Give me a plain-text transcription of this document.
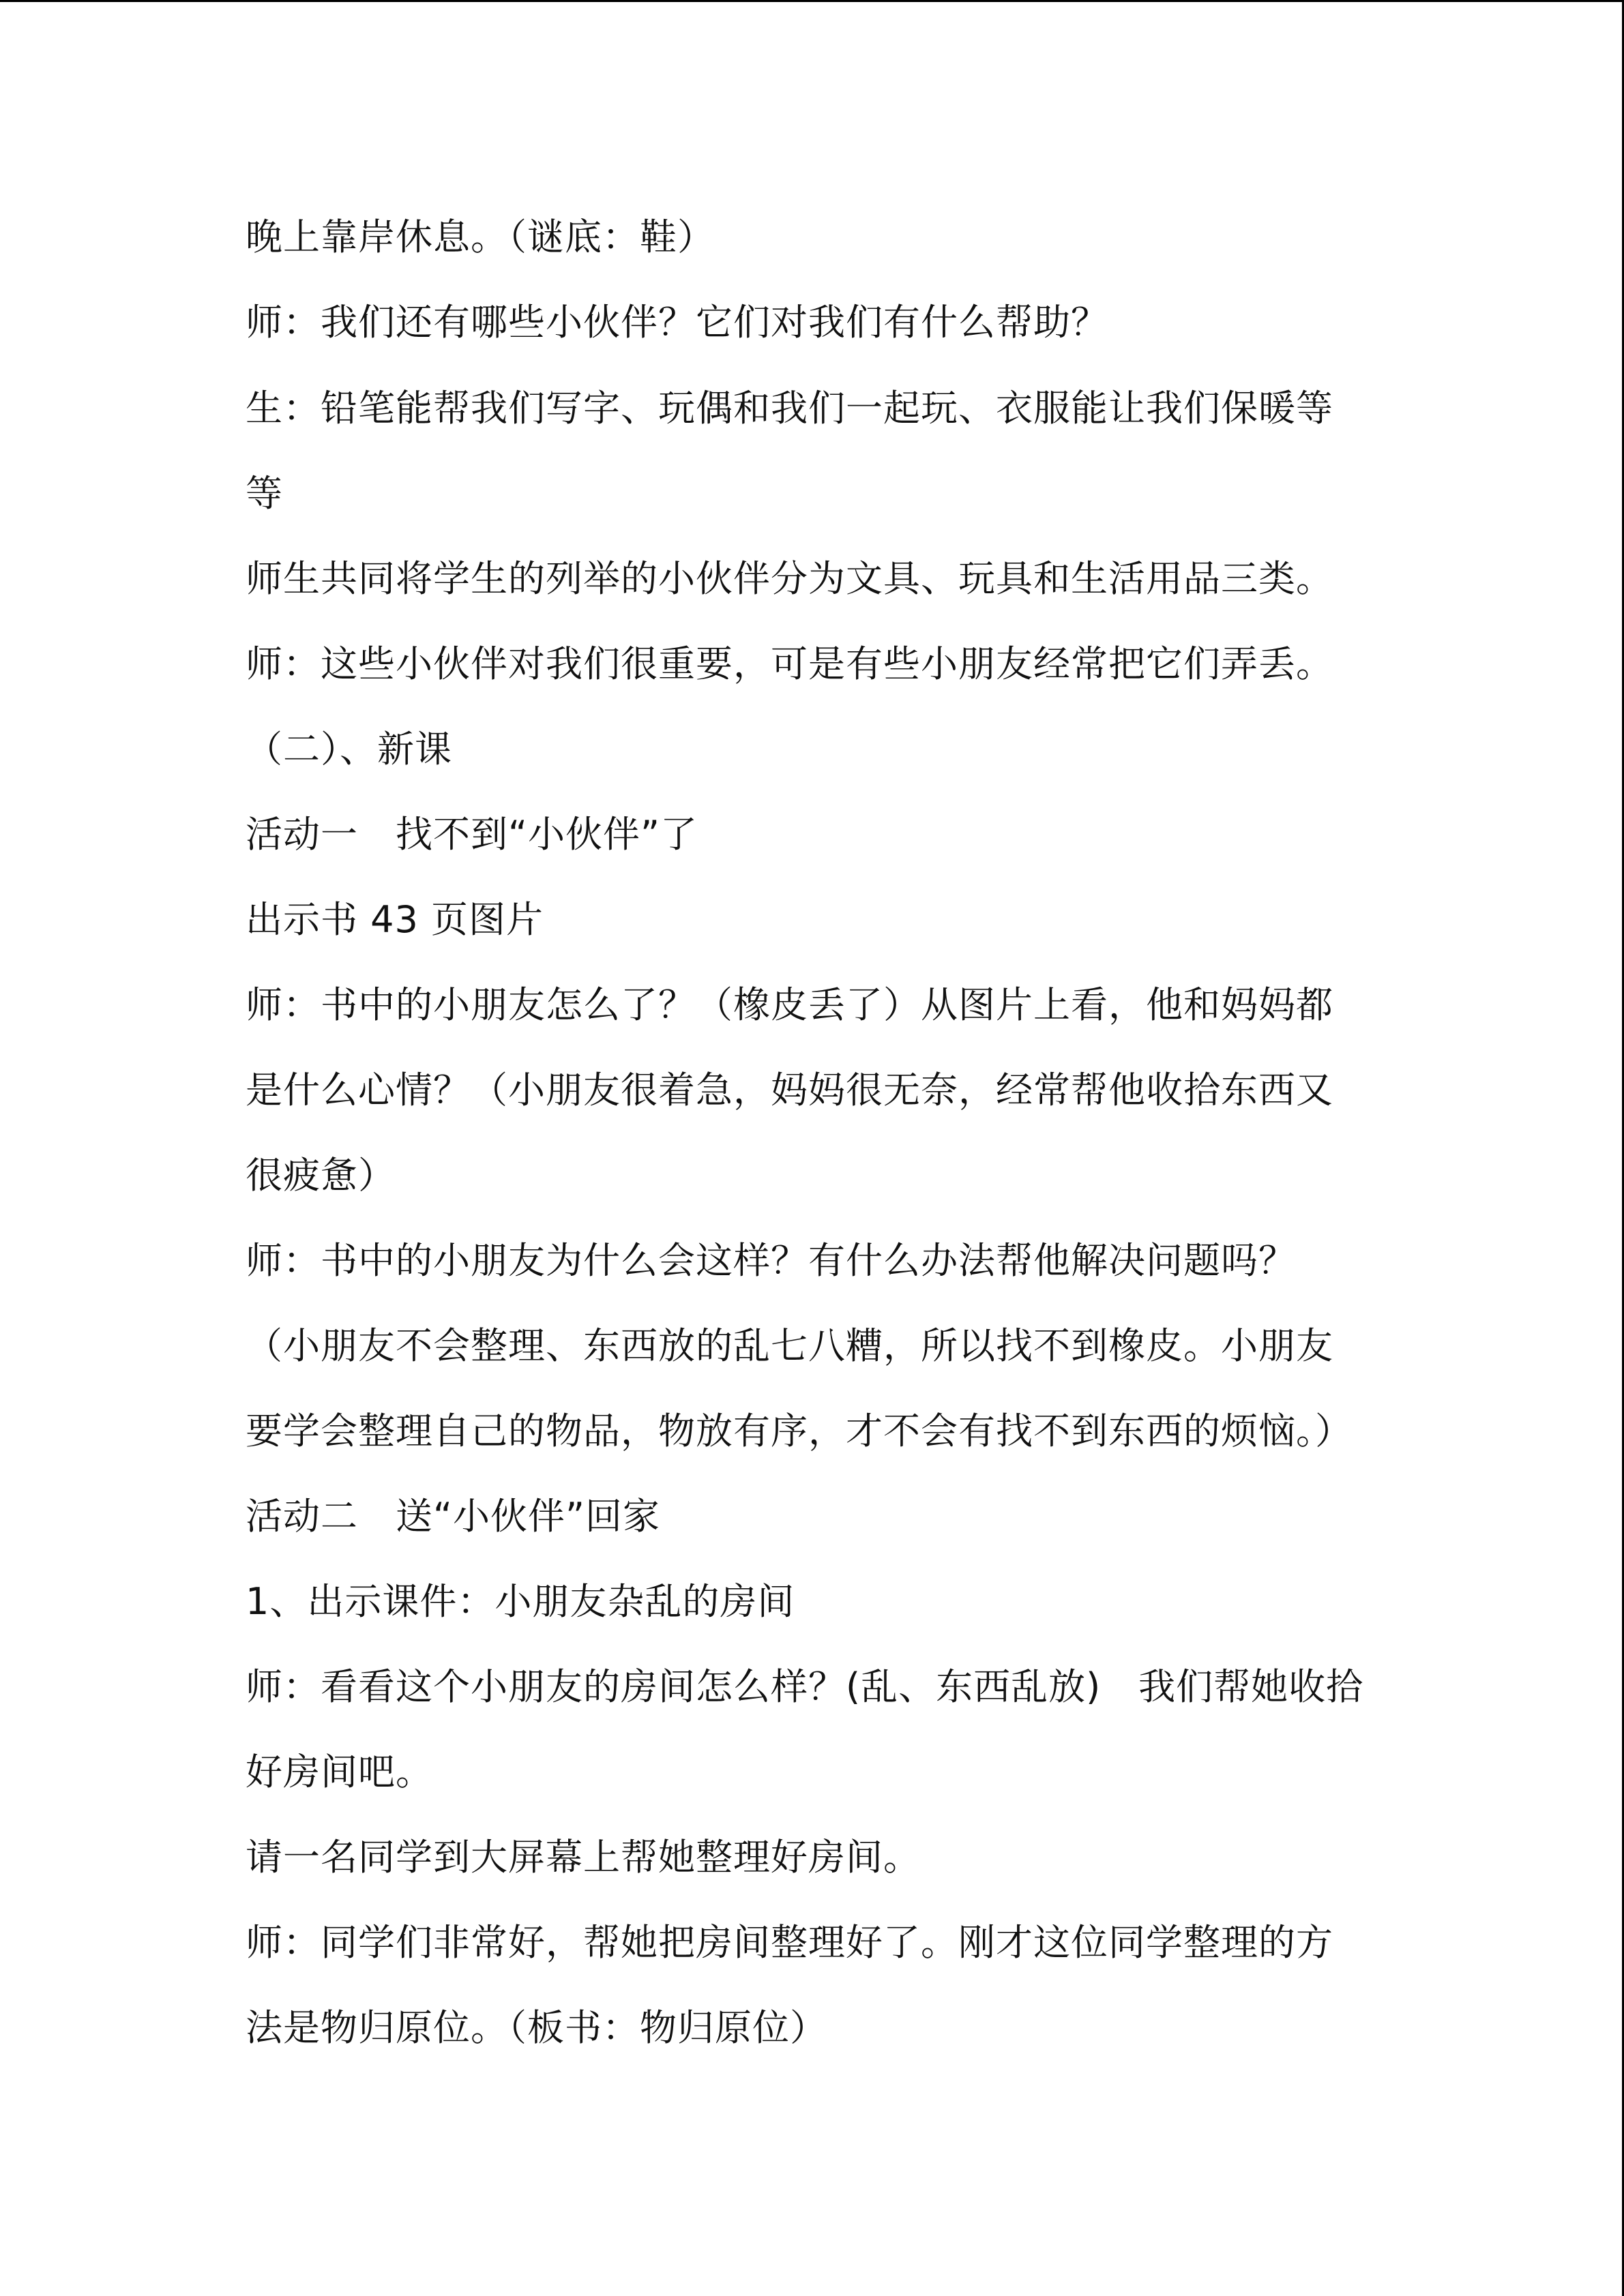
晚上靠岸休息。（谜底：鞋）
师：我们还有哪些小伙伴？它们对我们有什么帮助？
生：铅笔能帮我们写字、玩偶和我们一起玩、衣服能让我们保暖等
等
师生共同将学生的列举的小伙伴分为文具、玩具和生活用品三类。
师：这些小伙伴对我们很重要，可是有些小朋友经常把它们弄丢。
（二）、新课
活动一　找不到“小伙伴”了
出示书 43 页图片
师：书中的小朋友怎么了？（橡皮丢了）从图片上看，他和妈妈都
是什么心情？（小朋友很着急，妈妈很无奈，经常帮他收拾东西又
很疲惫）
师：书中的小朋友为什么会这样？有什么办法帮他解决问题吗？
（小朋友不会整理、东西放的乱七八糟，所以找不到橡皮。小朋友
要学会整理自己的物品，物放有序，才不会有找不到东西的烦恼。）
活动二　送“小伙伴”回家
1、出示课件：小朋友杂乱的房间
师：看看这个小朋友的房间怎么样？(乱、东西乱放)　我们帮她收拾
好房间吧。
请一名同学到大屏幕上帮她整理好房间。
师：同学们非常好，帮她把房间整理好了。刚才这位同学整理的方
法是物归原位。（板书：物归原位）
